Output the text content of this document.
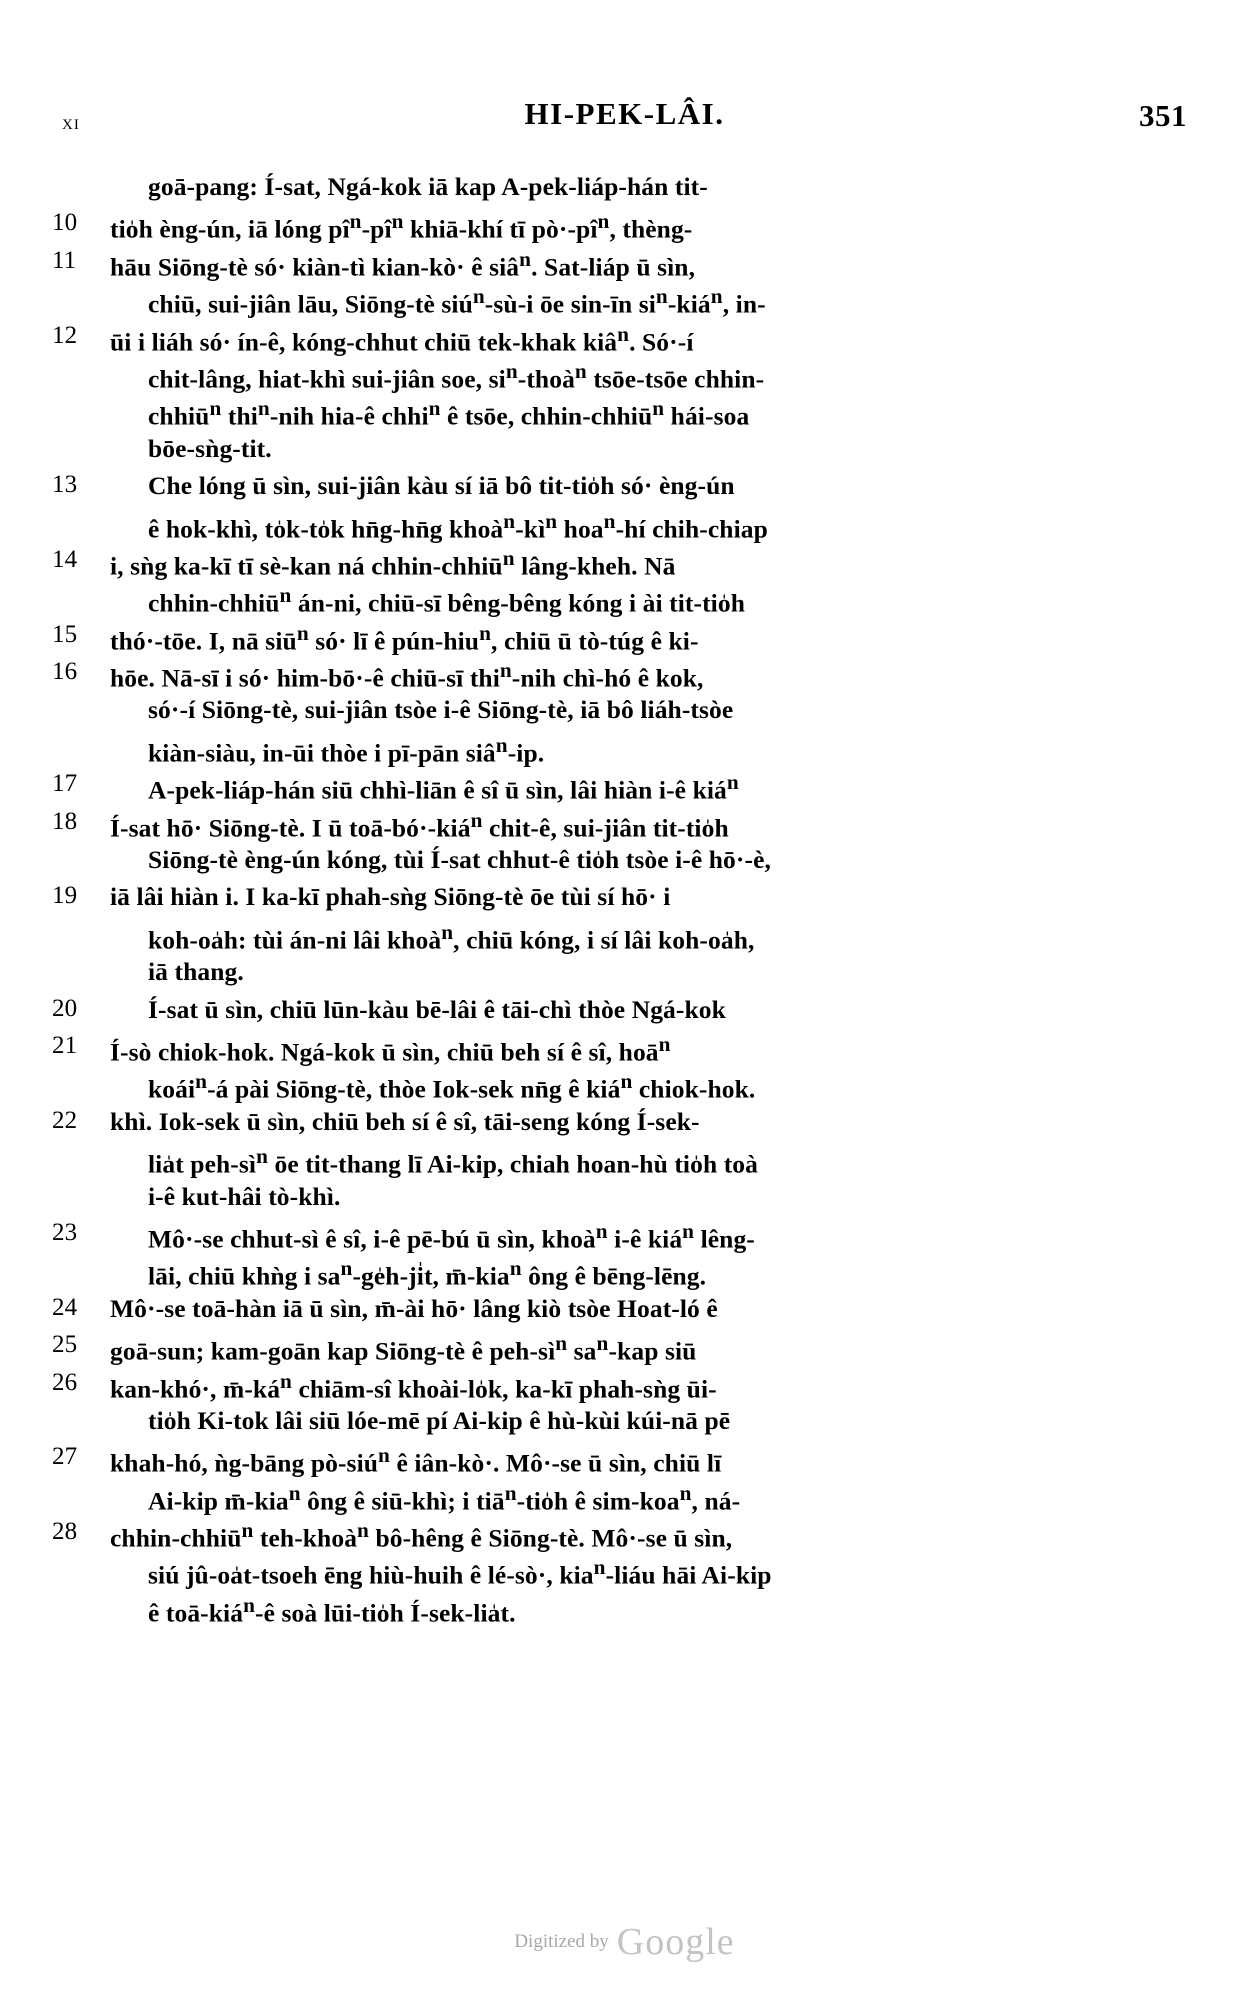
xi	HI-PEK-LÂI.	351
goā-pang: Í-sat, Ngá-kok iā kap A-pek-liáp-hán tit-
10	tio̍h èng-ún, iā lóng $pî^n-pî^n$ khiā-khí tī $pò\cdot-pî^n$, thèng-
11	hāu Siōng-tè só· kiàn-tì kian-kò· ê siâ$^n$. Sat-liáp ū sìn,
chiū, sui-jiân lāu, Siōng-tè siú$^n$-sù-i ōe sin-īn $si^n-kiá^n$, in-
12	ūi i liáh só· ín-ê, kóng-chhut chiū tek-khak kiâ$^n$. Só·-í
chit-lâng, hiat-khì sui-jiân soe, $si^n-thoà^n$ tsōe-tsōe chhin-
chhiū$^n$ thi$^n$-nih hia-ê chhi$^n$ ê tsōe, chhin-chhiū$^n$ hái-soa
bōe-sǹg-tit.
13	Che lóng ū sìn, sui-jiân kàu sí iā bô tit-tio̍h só· èng-ún
ê hok-khì, to̍k-to̍k hn̄g-hn̄g $khoà^n-kì^n$ hoa$^n$-hí chih-chiap
14	i, sǹg ka-kī tī sè-kan ná chhin-chhiū$^n$ lâng-kheh. Nā
chhin-chhiū$^n$ án-ni, chiū-sī bêng-bêng kóng i ài tit-tio̍h
15	thó·-tōe. I, nā siū$^n$ só· lī ê pún-hiu$^n$, chiū ū tò-túg ê ki-
16	hōe. Nā-sī i só· him-bō·-ê chiū-sī thi$^n$-nih chì-hó ê kok,
só·-í Siōng-tè, sui-jiân tsòe i-ê Siōng-tè, iā bô liáh-tsòe
kiàn-siàu, in-ūi thòe i pī-pān siâ$^n$-ip.
17	A-pek-liáp-hán siū chhì-liān ê sî ū sìn, lâi hiàn i-ê kiá$^n$
18	Í-sat hō· Siōng-tè. I ū toā-bó·-kiá$^n$ chit-ê, sui-jiân tit-tio̍h
Siōng-tè èng-ún kóng, tùi Í-sat chhut-ê tio̍h tsòe i-ê hō·-è,
19	iā lâi hiàn i. I ka-kī phah-sǹg Siōng-tè ōe tùi sí hō· i
koh-oa̍h: tùi án-ni lâi khoà$^n$, chiū kóng, i sí lâi koh-oa̍h,
iā thang.
20	Í-sat ū sìn, chiū lūn-kàu bē-lâi ê tāi-chì thòe Ngá-kok
21	Í-sò chiok-hok. Ngá-kok ū sìn, chiū beh sí ê sî, hoā$^n$
koái$^n$-á pài Siōng-tè, thòe Iok-sek nn̄g ê kiá$^n$ chiok-hok.
22	khì. Iok-sek ū sìn, chiū beh sí ê sî, tāi-seng kóng Í-sek-
lia̍t peh-$sì^n$ ōe tit-thang lī Ai-kip, chiah hoan-hù tio̍h toà
i-ê kut-hâi tò-khì.
23	Mô·-se chhut-sì ê sî, i-ê pē-bú ū sìn, khoà$^n$ i-ê kiá$^n$ lêng-
lāi, chiū khǹg i $sa^n-ge̍h-ji̍t$, m̄-kia$^n$ ông ê bēng-lēng.
24	Mô·-se toā-hàn iā ū sìn, m̄-ài hō· lâng kiò tsòe Hoat-ló ê
25	goā-sun; kam-goān kap Siōng-tè ê peh-$sì^n$ $sa^n$-kap siū
26	kan-khó·, $m̄-ká^n$ chiām-sî khoài-lo̍k, ka-kī phah-sǹg ūi-
tio̍h Ki-tok lâi siū lóe-mē pí Ai-kip ê hù-kùi kúi-nā pē
27	khah-hó, ǹg-bāng pò-siú$^n$ ê iân-kò·. Mô·-se ū sìn, chiū lī
Ai-kip m̄-kia$^n$ ông ê siū-khì; i tiā$^n$-tio̍h ê sim-koa$^n$, ná-
28	chhin-chhiū$^n$ teh-khoà$^n$ bô-hêng ê Siōng-tè. Mô·-se ū sìn,
siú jû-oa̍t-tsoeh ēng hiù-huih ê lé-sò·, kia$^n$-liáu hāi Ai-kip
ê toā-kiá$^n$-ê soà lūi-tio̍h Í-sek-lia̍t.
Digitized by Google
